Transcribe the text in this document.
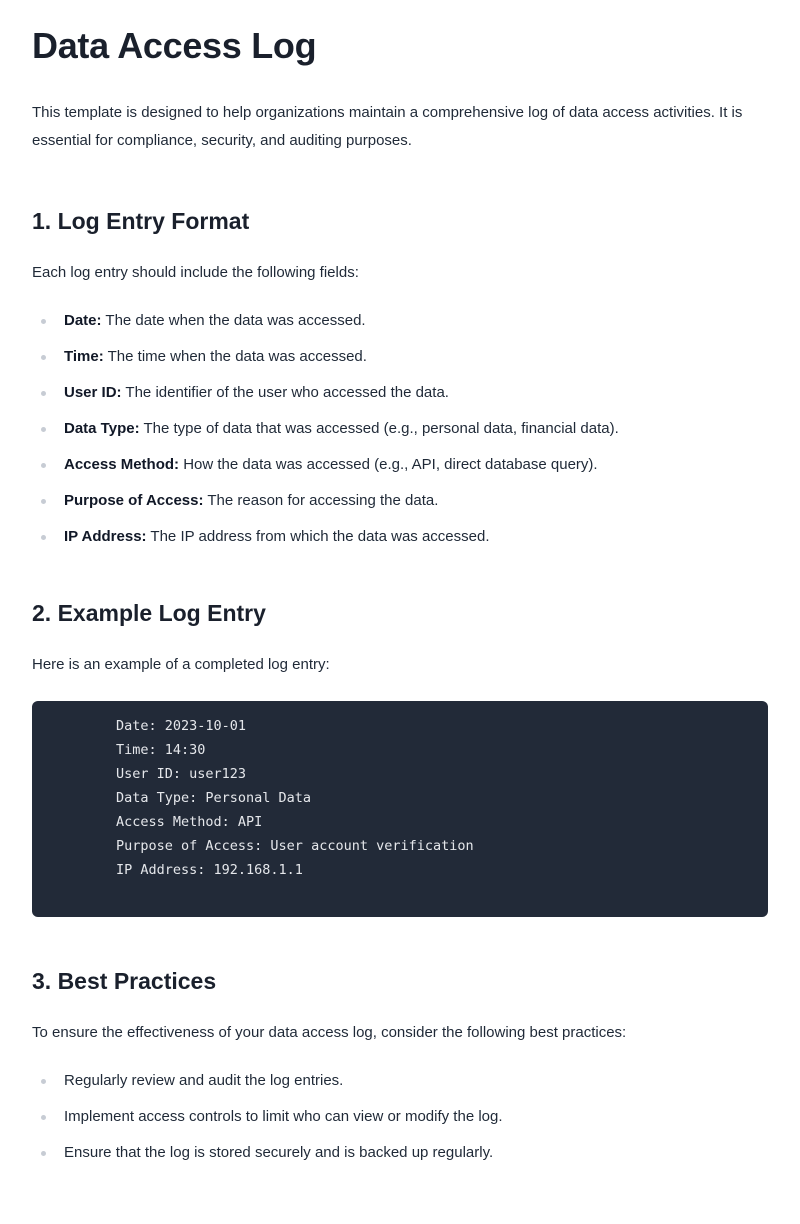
Data Access Log

This template is designed to help organizations maintain a comprehensive log of data access activities. It is essential for compliance, security, and auditing purposes.

1. Log Entry Format

Each log entry should include the following fields:

Date: The date when the data was accessed.
Time: The time when the data was accessed.
User ID: The identifier of the user who accessed the data.
Data Type: The type of data that was accessed (e.g., personal data, financial data).
Access Method: How the data was accessed (e.g., API, direct database query).
Purpose of Access: The reason for accessing the data.
IP Address: The IP address from which the data was accessed.
2. Example Log Entry

Here is an example of a completed log entry:

Date: 2023-10-01
Time: 14:30
User ID: user123
Data Type: Personal Data
Access Method: API
Purpose of Access: User account verification
IP Address: 192.168.1.1
3. Best Practices

To ensure the effectiveness of your data access log, consider the following best practices:

Regularly review and audit the log entries.
Implement access controls to limit who can view or modify the log.
Ensure that the log is stored securely and is backed up regularly.
